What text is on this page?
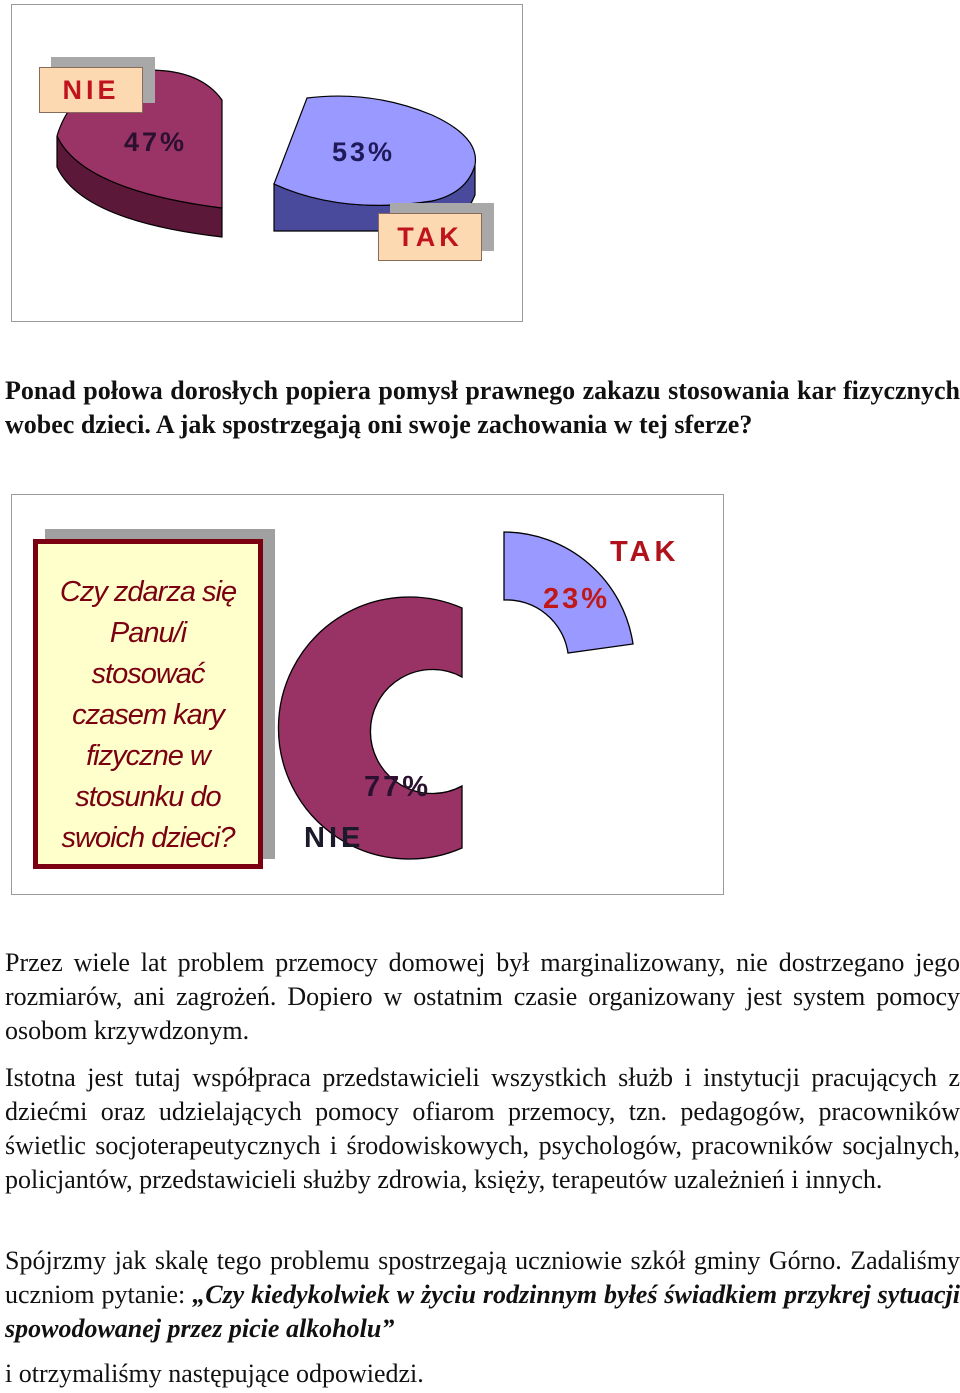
NIE
TAK
47%	53%
Ponad połowa dorosłych popiera pomysł prawnego zakazu stosowania kar fizycznych wobec dzieci. A jak spostrzegają oni swoje zachowania w tej sferze?
Czy zdarza się
Panu/i
stosować
czasem kary
fizyczne w
stosunku do
swoich dzieci?
TAK
NIE
23%
77%
Przez wiele lat problem przemocy domowej był marginalizowany, nie dostrzegano jego rozmiarów, ani zagrożeń. Dopiero w ostatnim czasie organizowany jest system pomocy osobom krzywdzonym.
Istotna jest tutaj współpraca przedstawicieli wszystkich służb i instytucji pracujących z dziećmi oraz udzielających pomocy ofiarom przemocy, tzn. pedagogów, pracowników świetlic socjoterapeutycznych i środowiskowych, psychologów, pracowników socjalnych, policjantów, przedstawicieli służby zdrowia, księży, terapeutów uzależnień i innych.
Spójrzmy jak skalę tego problemu spostrzegają uczniowie szkół gminy Górno. Zadaliśmy uczniom pytanie: „Czy kiedykolwiek w życiu rodzinnym byłeś świadkiem przykrej sytuacji spowodowanej przez picie alkoholu”
i otrzymaliśmy następujące odpowiedzi.
